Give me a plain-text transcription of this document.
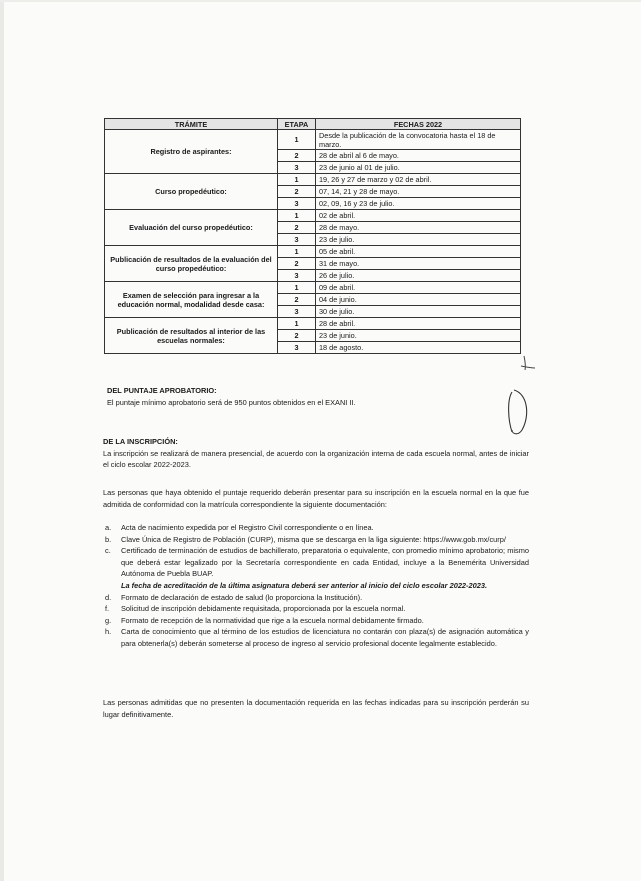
TRÁMITE	ETAPA	FECHAS 2022
Registro de aspirantes:	1	Desde la publicación de la convocatoria hasta el 18 de marzo.
	2	28 de abril al 6 de mayo.
	3	23 de junio al 01 de julio.
Curso propedéutico:	1	19, 26 y 27 de marzo y 02 de abril.
	2	07, 14, 21 y 28 de mayo.
	3	02, 09, 16 y 23 de julio.
Evaluación del curso propedéutico:	1	02 de abril.
	2	28 de mayo.
	3	23 de julio.
Publicación de resultados de la evaluación del curso propedéutico:	1	05 de abril.
	2	31 de mayo.
	3	26 de julio.
Examen de selección para ingresar a la educación normal, modalidad desde casa:	1	09 de abril.
	2	04 de junio.
	3	30 de julio.
Publicación de resultados al interior de las escuelas normales:	1	28 de abril.
	2	23 de junio.
	3	18 de agosto.
DEL PUNTAJE APROBATORIO:
El puntaje mínimo aprobatorio será de 950 puntos obtenidos en el EXANI II.
DE LA INSCRIPCIÓN:
La inscripción se realizará de manera presencial, de acuerdo con la organización interna de cada escuela normal, antes de iniciar el ciclo escolar 2022-2023.
Las personas que haya obtenido el puntaje requerido deberán presentar para su inscripción en la escuela normal en la que fue admitida de conformidad con la matrícula correspondiente la siguiente documentación:
a. Acta de nacimiento expedida por el Registro Civil correspondiente o en línea.
b. Clave Única de Registro de Población (CURP), misma que se descarga en la liga siguiente: https://www.gob.mx/curp/
c. Certificado de terminación de estudios de bachillerato, preparatoria o equivalente, con promedio mínimo aprobatorio; mismo que deberá estar legalizado por la Secretaría correspondiente en cada Entidad, incluye a la Benemérita Universidad Autónoma de Puebla BUAP.
La fecha de acreditación de la última asignatura deberá ser anterior al inicio del ciclo escolar 2022-2023.
d. Formato de declaración de estado de salud (lo proporciona la Institución).
f. Solicitud de inscripción debidamente requisitada, proporcionada por la escuela normal.
g. Formato de recepción de la normatividad que rige a la escuela normal debidamente firmado.
h. Carta de conocimiento que al término de los estudios de licenciatura no contarán con plaza(s) de asignación automática y para obtenerla(s) deberán someterse al proceso de ingreso al servicio profesional docente legalmente establecido.
Las personas admitidas que no presenten la documentación requerida en las fechas indicadas para su inscripción perderán su lugar definitivamente.
